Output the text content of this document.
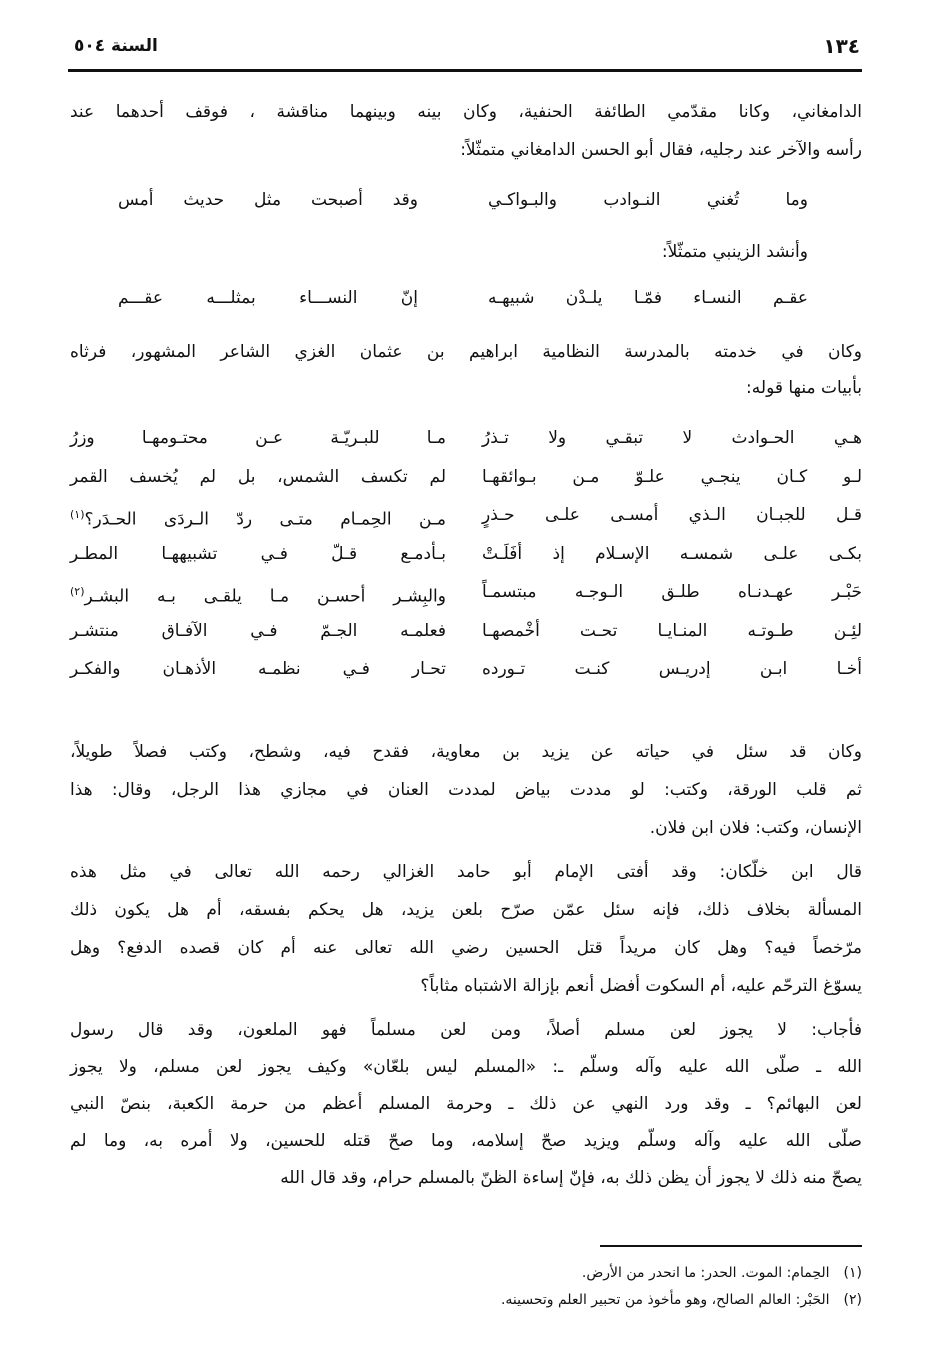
١٣٤
السنة ٥٠٤
الدامغاني، وكانا مقدّمي الطائفة الحنفية، وكان بينه وبينهما مناقشة ، فوقف أحدهما عند
رأسه والآخر عند رجليه، فقال أبو الحسن الدامغاني متمثّلاً:
وما تُغني النـوادب والبـواكـي
وقد أصبحت مثل حديث أمس
وأنشد الزينبي متمثّلاً:
عقـم النسـاء فمّـا يلـدْن شبيهـه
إنّ النســـاء بمثلـــه عقـــم
وكان في خدمته بالمدرسة النظامية ابراهيم بن عثمان الغزي الشاعر المشهور، فرثاه
بأبيات منها قوله:
هـي الحـوادث لا تبقـي ولا تـذرُ
مـا للبـريّـة عـن محتـومهـا وزرُ
لـو كـان ينجـي علـوّ مـن بـوائقهـا
لم تكسف الشمس، بل لم يُخسف القمر
قـل للجبـان الـذي أمسـى علـى حـذرٍ
مـن الحِمـام متـى ردّ الـردَى الحـدَر؟$^{(١)}$
بكـى علـى شمسـه الإسـلام إذ أفَلَـتْ
بـأدمـع قـلّ فـي تشبيههـا المطـر
حَبْـر عهـدنـاه طلـق الـوجـه مبتسمـاً
والبِشـر أحسـن مـا يلقـى بـه البشـر$^{(٢)}$
لئِـن طـوتـه المنـايـا تحـت أخْمصهـا
فعلمـه الجـمّ فـي الآفـاق منتشـر
أخـا ابـن إدريـس كنـت تـورده
تحـار فـي نظمـه الأذهـان والفكـر
وكان قد سئل في حياته عن يزيد بن معاوية، فقدح فيه، وشطح، وكتب فصلاً طويلاً،
ثم قلب الورقة، وكتب: لو مددت بياض لمددت العنان في مجازي هذا الرجل، وقال: هذا
الإنسان، وكتب: فلان ابن فلان.
قال ابن خلّكان: وقد أفتى الإمام أبو حامد الغزالي رحمه الله تعالى في مثل هذه
المسألة بخلاف ذلك، فإنه سئل عمّن صرّح بلعن يزيد، هل يحكم بفسقه، أم هل يكون ذلك
مرّخصاً فيه؟ وهل كان مريداً قتل الحسين رضي الله تعالى عنه أم كان قصده الدفع؟ وهل
يسوّغ الترحّم عليه، أم السكوت أفضل أنعم بإزالة الاشتباه مثاباً؟
فأجاب: لا يجوز لعن مسلم أصلاً، ومن لعن مسلماً فهو الملعون، وقد قال رسول
الله ـ صلّى الله عليه وآله وسلّم ـ: «المسلم ليس بلعّان» وكيف يجوز لعن مسلم، ولا يجوز
لعن البهائم؟ ـ وقد ورد النهي عن ذلك ـ وحرمة المسلم أعظم من حرمة الكعبة، بنصّ النبي
صلّى الله عليه وآله وسلّم ويزيد صحّ إسلامه، وما صحّ قتله للحسين، ولا أمره به، وما لم
يصحّ منه ذلك لا يجوز أن يظن ذلك به، فإنّ إساءة الظنّ بالمسلم حرام، وقد قال الله
(١)الحِمام: الموت. الحدر: ما انحدر من الأرض.
(٢)الحَبْر: العالم الصالح، وهو مأخوذ من تحبير العلم وتحسينه.
